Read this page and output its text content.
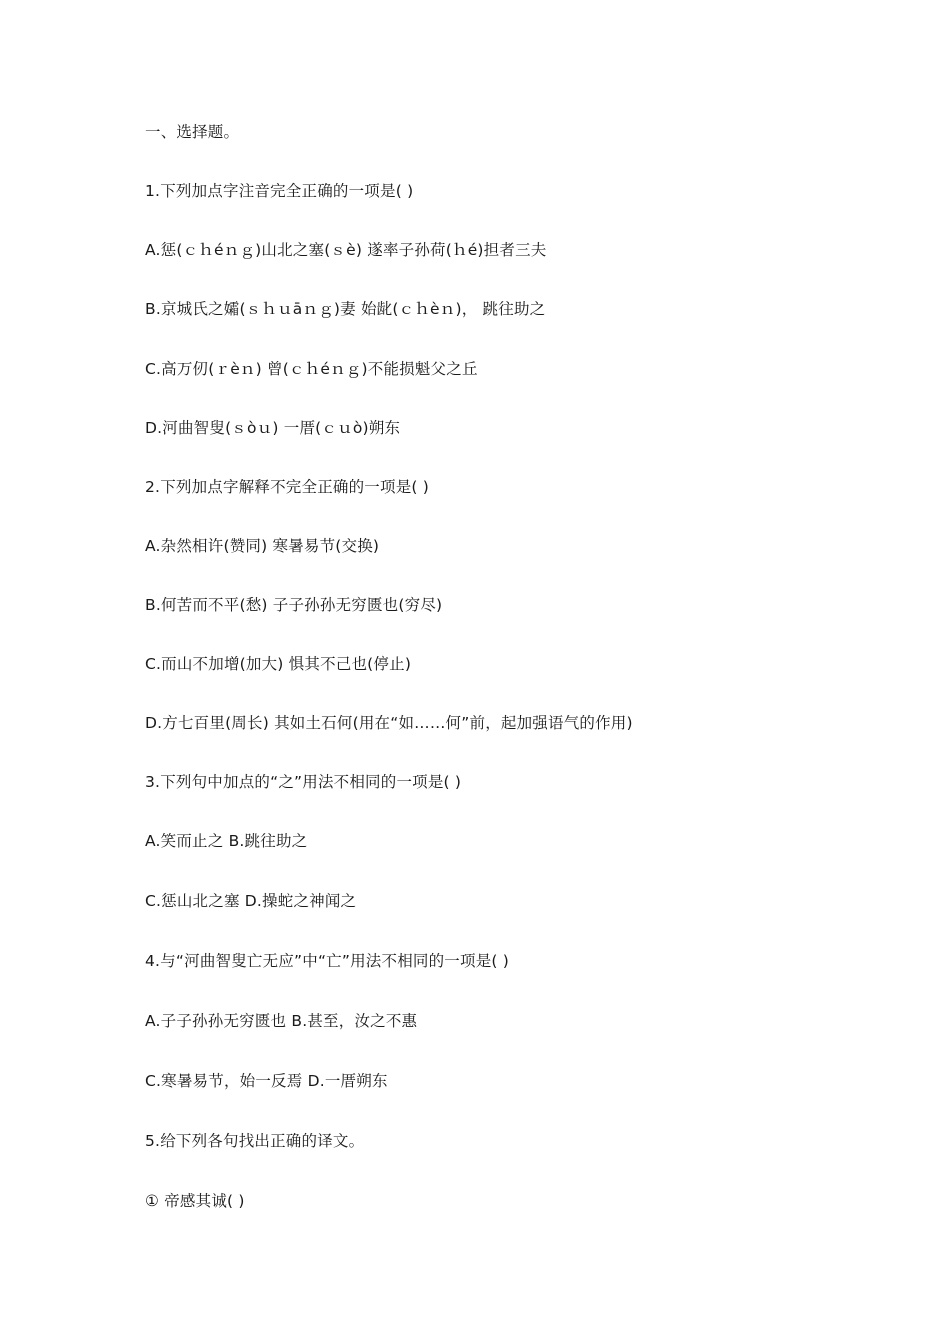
一、选择题。
1.下列加点字注音完全正确的一项是( )
A.惩(ｃｈéｎｇ)山北之塞(ｓè) 遂率子孙荷(ｈé)担者三夫
B.京城氏之孀(ｓｈｕāｎｇ)妻 始龀(ｃｈèｎ)， 跳往助之
C.高万仞(ｒèｎ) 曾(ｃｈéｎｇ)不能损魁父之丘
D.河曲智叟(ｓòｕ) 一厝(ｃｕò)朔东
2.下列加点字解释不完全正确的一项是( )
A.杂然相许(赞同) 寒暑易节(交换)
B.何苦而不平(愁) 子子孙孙无穷匮也(穷尽)
C.而山不加增(加大) 惧其不己也(停止)
D.方七百里(周长) 其如土石何(用在“如……何”前，起加强语气的作用)
3.下列句中加点的“之”用法不相同的一项是( )
A.笑而止之 B.跳往助之
C.惩山北之塞 D.操蛇之神闻之
4.与“河曲智叟亡无应”中“亡”用法不相同的一项是( )
A.子子孙孙无穷匮也 B.甚至，汝之不惠
C.寒暑易节，始一反焉 D.一厝朔东
5.给下列各句找出正确的译文。
① 帝感其诚( )
